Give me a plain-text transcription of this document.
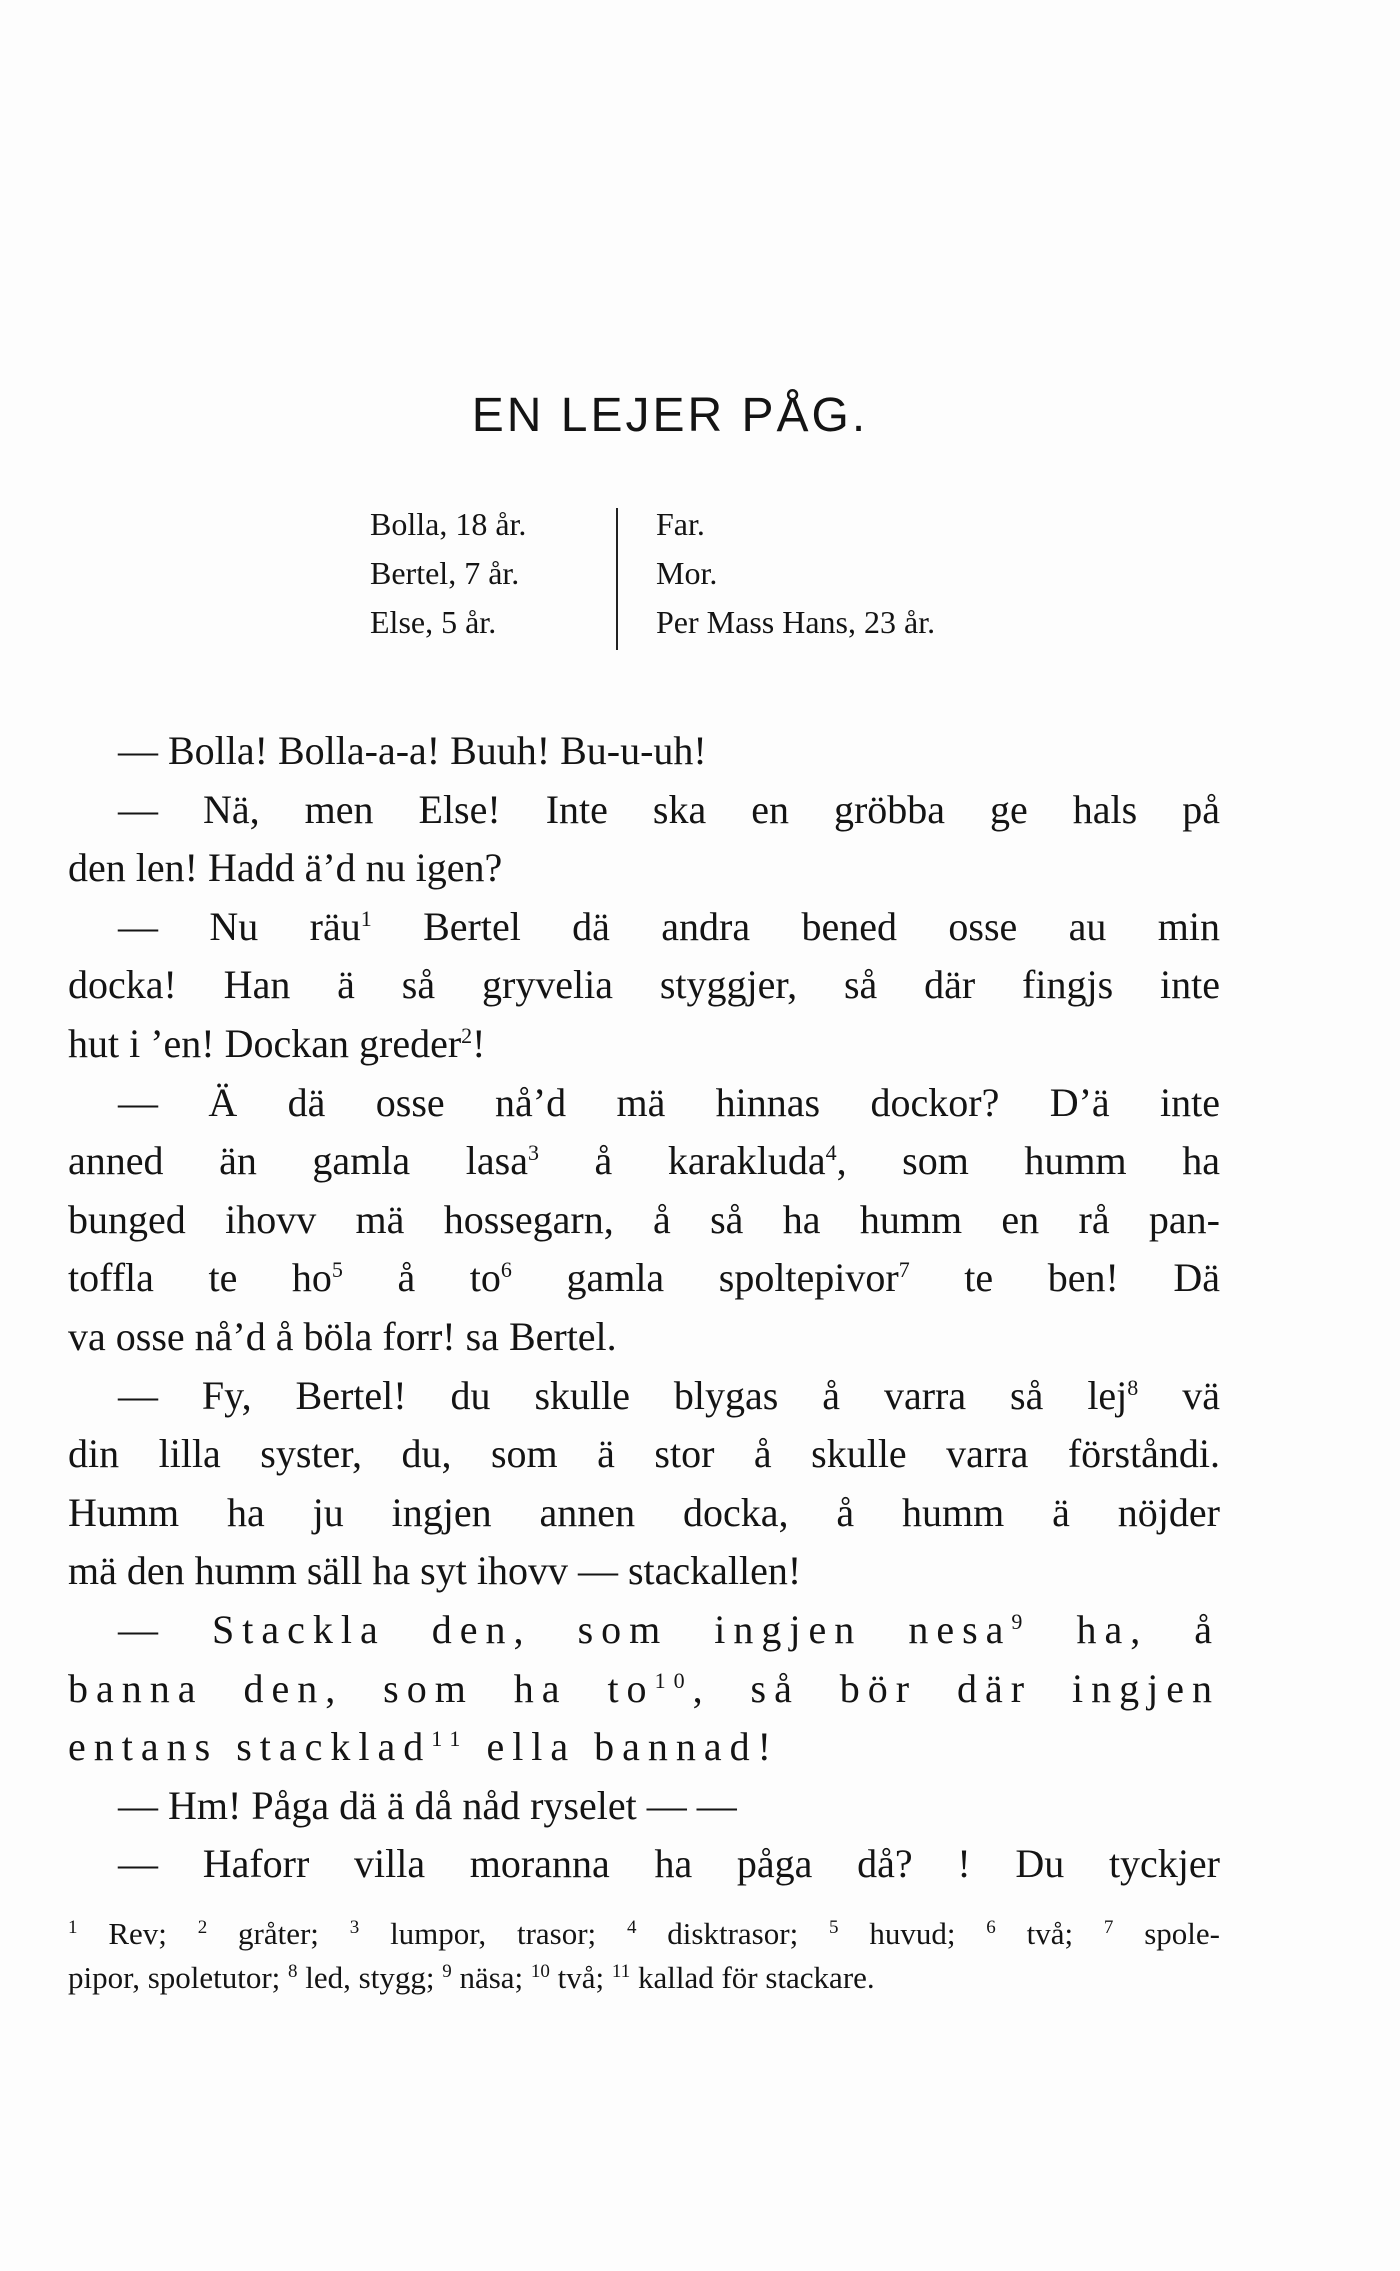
EN LEJER PÅG.
Bolla, 18 år.
Bertel, 7 år.
Else, 5 år.
Far.
Mor.
Per Mass Hans, 23 år.
— Bolla! Bolla-a-a! Buuh! Bu-u-uh!
— Nä, men Else! Inte ska en gröbba ge hals på
den len! Hadd ä’d nu igen?
— Nu räu$^1$ Bertel dä andra bened osse au min
docka! Han ä så gryvelia styggjer, så där fingjs inte
hut i ’en! Dockan greder$^2$!
— Ä dä osse nå’d mä hinnas dockor? D’ä inte
anned än gamla lasa$^3$ å karakluda$^4$, som humm ha
bunged ihovv mä hossegarn, å så ha humm en rå pan-
toffla te $ho^5$ å $to^6$ gamla spoltepivor$^7$ te ben! Dä
va osse nå’d å böla forr! sa Bertel.
— Fy, Bertel! du skulle blygas å varra så lej$^8$ vä
din lilla syster, du, som ä stor å skulle varra förståndi.
Humm ha ju ingjen annen docka, å humm ä nöjder
mä den humm säll ha syt ihovv — stackallen!
— Stackla den, som ingjen nesa$^9$ ha, å
banna den, som ha $to^{10}$, så bör där ingjen
entans stacklad$^{11}$ ella bannad!
— Hm! Påga dä ä då nåd ryselet — —
— Haforr villa moranna ha påga då? ! Du tyckjer
$^1$ Rev; $^2$ gråter; $^3$ lumpor, trasor; $^4$ disktrasor; $^5$ huvud; $^6$ två; $^7$ spole-
pipor, spoletutor; $^8$ led, stygg; $^9$ näsa; $^{10}$ två; $^{11}$ kallad för stackare.
